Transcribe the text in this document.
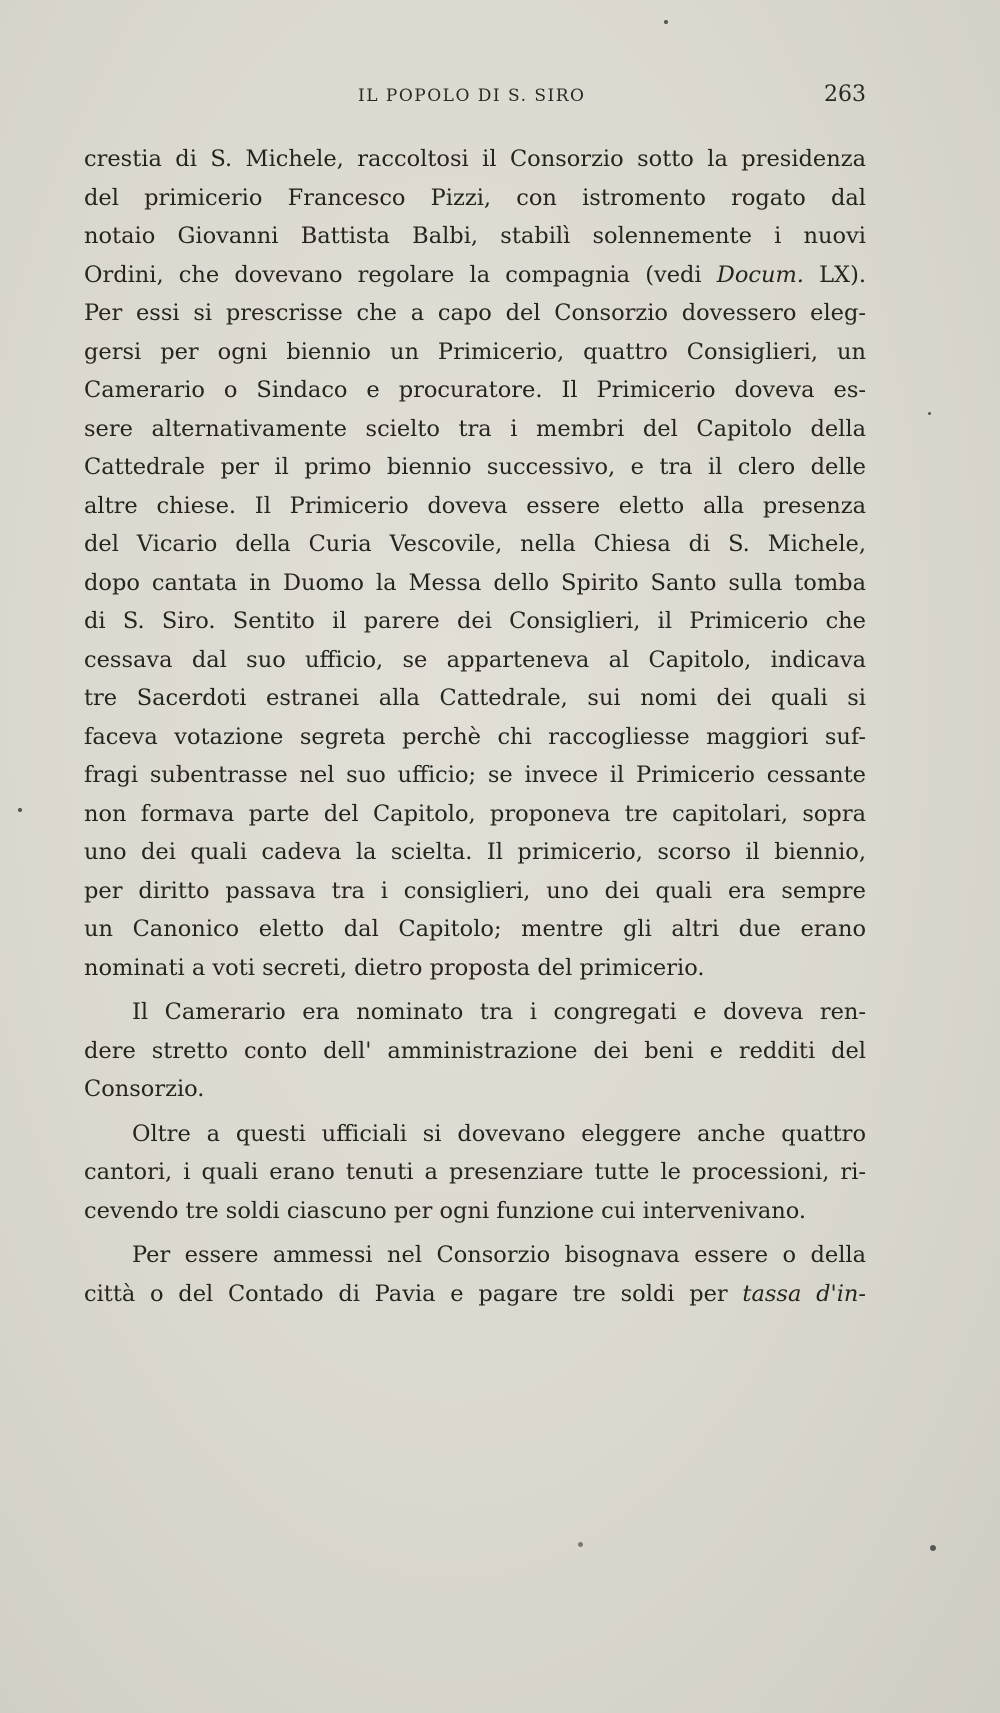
IL POPOLO DI S. SIRO	263
crestia di S. Michele, raccoltosi il Consorzio sotto la presidenza
del primicerio Francesco Pizzi, con istromento rogato dal
notaio Giovanni Battista Balbi, stabilì solennemente i nuovi
Ordini, che dovevano regolare la compagnia (vedi Docum. LX).
Per essi si prescrisse che a capo del Consorzio dovessero eleg-
gersi per ogni biennio un Primicerio, quattro Consiglieri, un
Camerario o Sindaco e procuratore. Il Primicerio doveva es-
sere alternativamente scielto tra i membri del Capitolo della
Cattedrale per il primo biennio successivo, e tra il clero delle
altre chiese. Il Primicerio doveva essere eletto alla presenza
del Vicario della Curia Vescovile, nella Chiesa di S. Michele,
dopo cantata in Duomo la Messa dello Spirito Santo sulla tomba
di S. Siro. Sentito il parere dei Consiglieri, il Primicerio che
cessava dal suo ufficio, se apparteneva al Capitolo, indicava
tre Sacerdoti estranei alla Cattedrale, sui nomi dei quali si
faceva votazione segreta perchè chi raccogliesse maggiori suf-
fragi subentrasse nel suo ufficio; se invece il Primicerio cessante
non formava parte del Capitolo, proponeva tre capitolari, sopra
uno dei quali cadeva la scielta. Il primicerio, scorso il biennio,
per diritto passava tra i consiglieri, uno dei quali era sempre
un Canonico eletto dal Capitolo; mentre gli altri due erano
nominati a voti secreti, dietro proposta del primicerio.
Il Camerario era nominato tra i congregati e doveva ren-
dere stretto conto dell' amministrazione dei beni e redditi del
Consorzio.
Oltre a questi ufficiali si dovevano eleggere anche quattro
cantori, i quali erano tenuti a presenziare tutte le processioni, ri-
cevendo tre soldi ciascuno per ogni funzione cui intervenivano.
Per essere ammessi nel Consorzio bisognava essere o della
città o del Contado di Pavia e pagare tre soldi per tassa d'in-
